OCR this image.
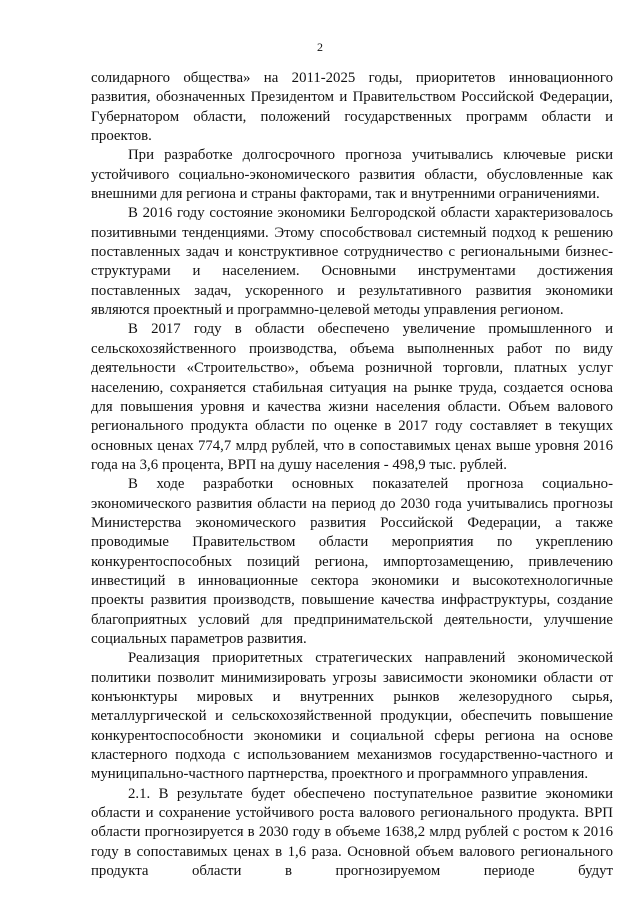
2

солидарного общества» на 2011-2025 годы, приоритетов инновационного развития, обозначенных Президентом и Правительством Российской Федерации, Губернатором области, положений государственных программ области и проектов.

При разработке долгосрочного прогноза учитывались ключевые риски устойчивого социально-экономического развития области, обусловленные как внешними для региона и страны факторами, так и внутренними ограничениями.

В 2016 году состояние экономики Белгородской области характеризовалось позитивными тенденциями. Этому способствовал системный подход к решению поставленных задач и конструктивное сотрудничество с региональными бизнес-структурами и населением. Основными инструментами достижения поставленных задач, ускоренного и результативного развития экономики являются проектный и программно-целевой методы управления регионом.

В 2017 году в области обеспечено увеличение промышленного и сельскохозяйственного производства, объема выполненных работ по виду деятельности «Строительство», объема розничной торговли, платных услуг населению, сохраняется стабильная ситуация на рынке труда, создается основа для повышения уровня и качества жизни населения области. Объем валового регионального продукта области по оценке в 2017 году составляет в текущих основных ценах 774,7 млрд рублей, что в сопоставимых ценах выше уровня 2016 года на 3,6 процента, ВРП на душу населения - 498,9 тыс. рублей.

В ходе разработки основных показателей прогноза социально-экономического развития области на период до 2030 года учитывались прогнозы Министерства экономического развития Российской Федерации, а также проводимые Правительством области мероприятия по укреплению конкурентоспособных позиций региона, импортозамещению, привлечению инвестиций в инновационные сектора экономики и высокотехнологичные проекты развития производств, повышение качества инфраструктуры, создание благоприятных условий для предпринимательской деятельности, улучшение социальных параметров развития.

Реализация приоритетных стратегических направлений экономической политики позволит минимизировать угрозы зависимости экономики области от конъюнктуры мировых и внутренних рынков железорудного сырья, металлургической и сельскохозяйственной продукции, обеспечить повышение конкурентоспособности экономики и социальной сферы региона на основе кластерного подхода с использованием механизмов государственно-частного и муниципально-частного партнерства, проектного и программного управления.

2.1. В результате будет обеспечено поступательное развитие экономики области и сохранение устойчивого роста валового регионального продукта. ВРП области прогнозируется в 2030 году в объеме 1638,2 млрд рублей с ростом к 2016 году в сопоставимых ценах в 1,6 раза. Основной объем валового регионального продукта области в прогнозируемом периоде будут
